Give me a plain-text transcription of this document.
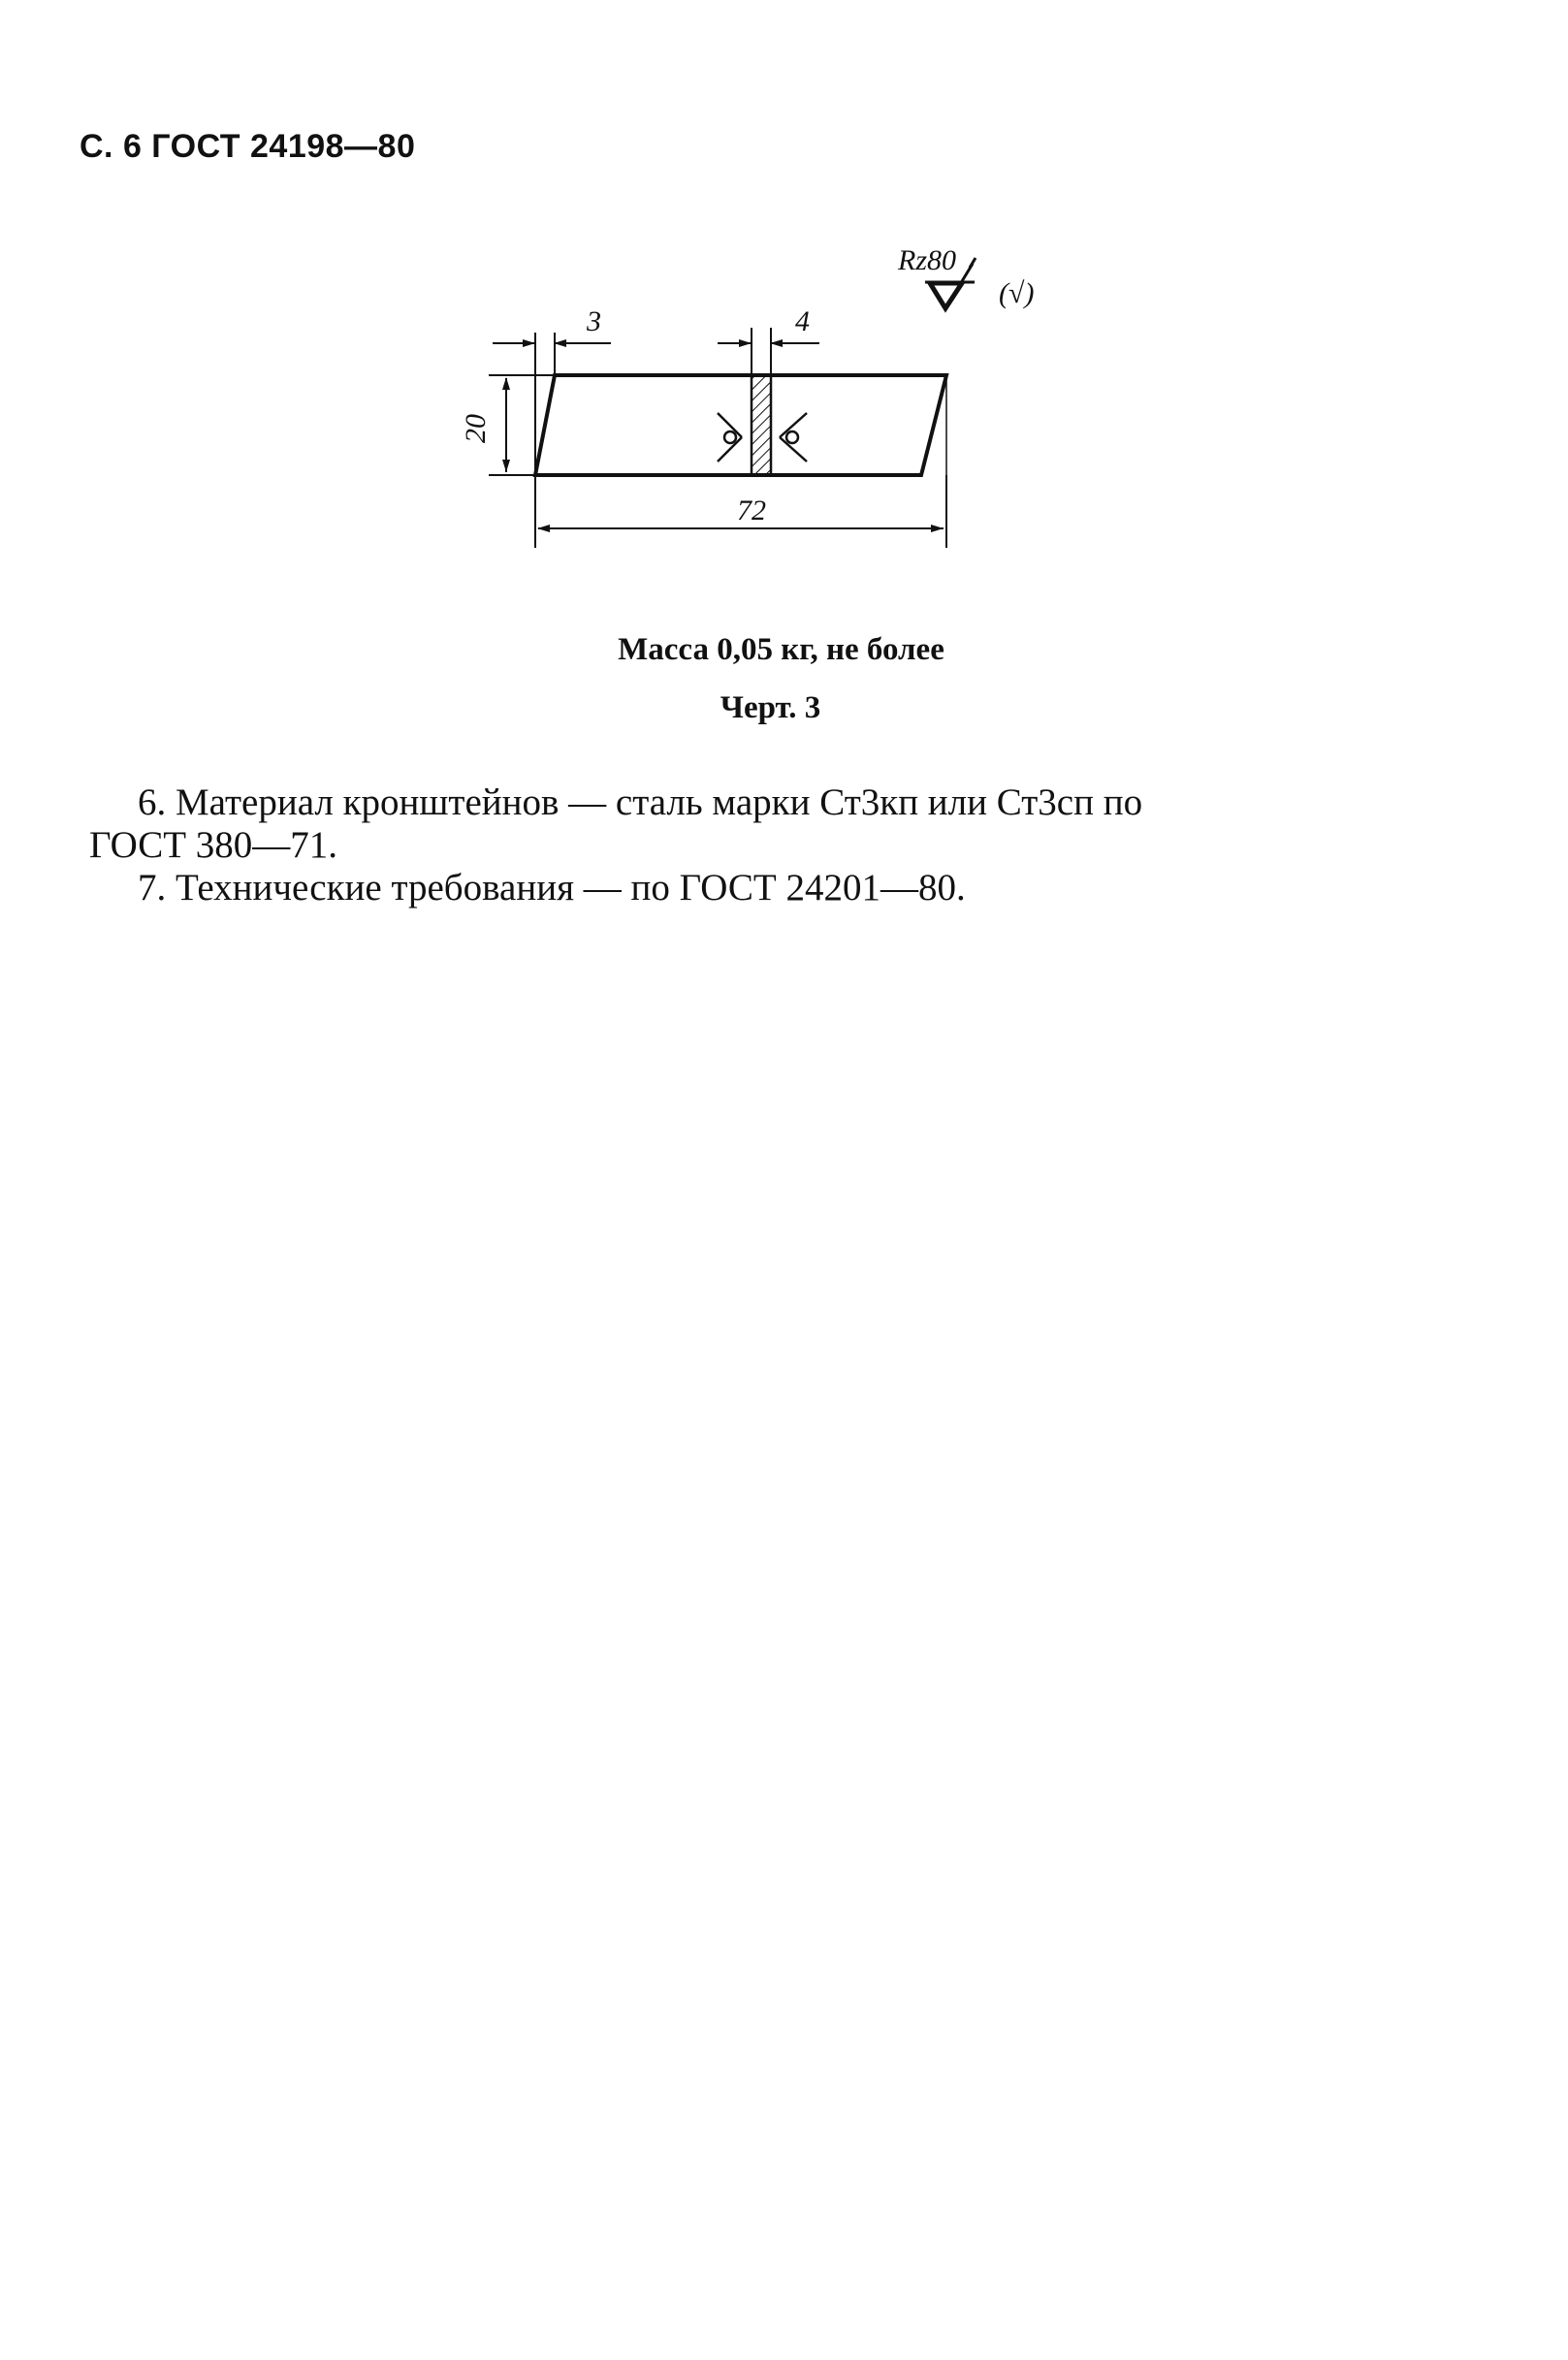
С. 6 ГОСТ 24198—80
Rz80
(√)
3	4
20
72
Масса 0,05 кг, не более
Черт. 3
6. Материал кронштейнов — сталь марки Ст3кп или Ст3сп по
ГОСТ 380—71.
7. Технические требования — по ГОСТ 24201—80.
